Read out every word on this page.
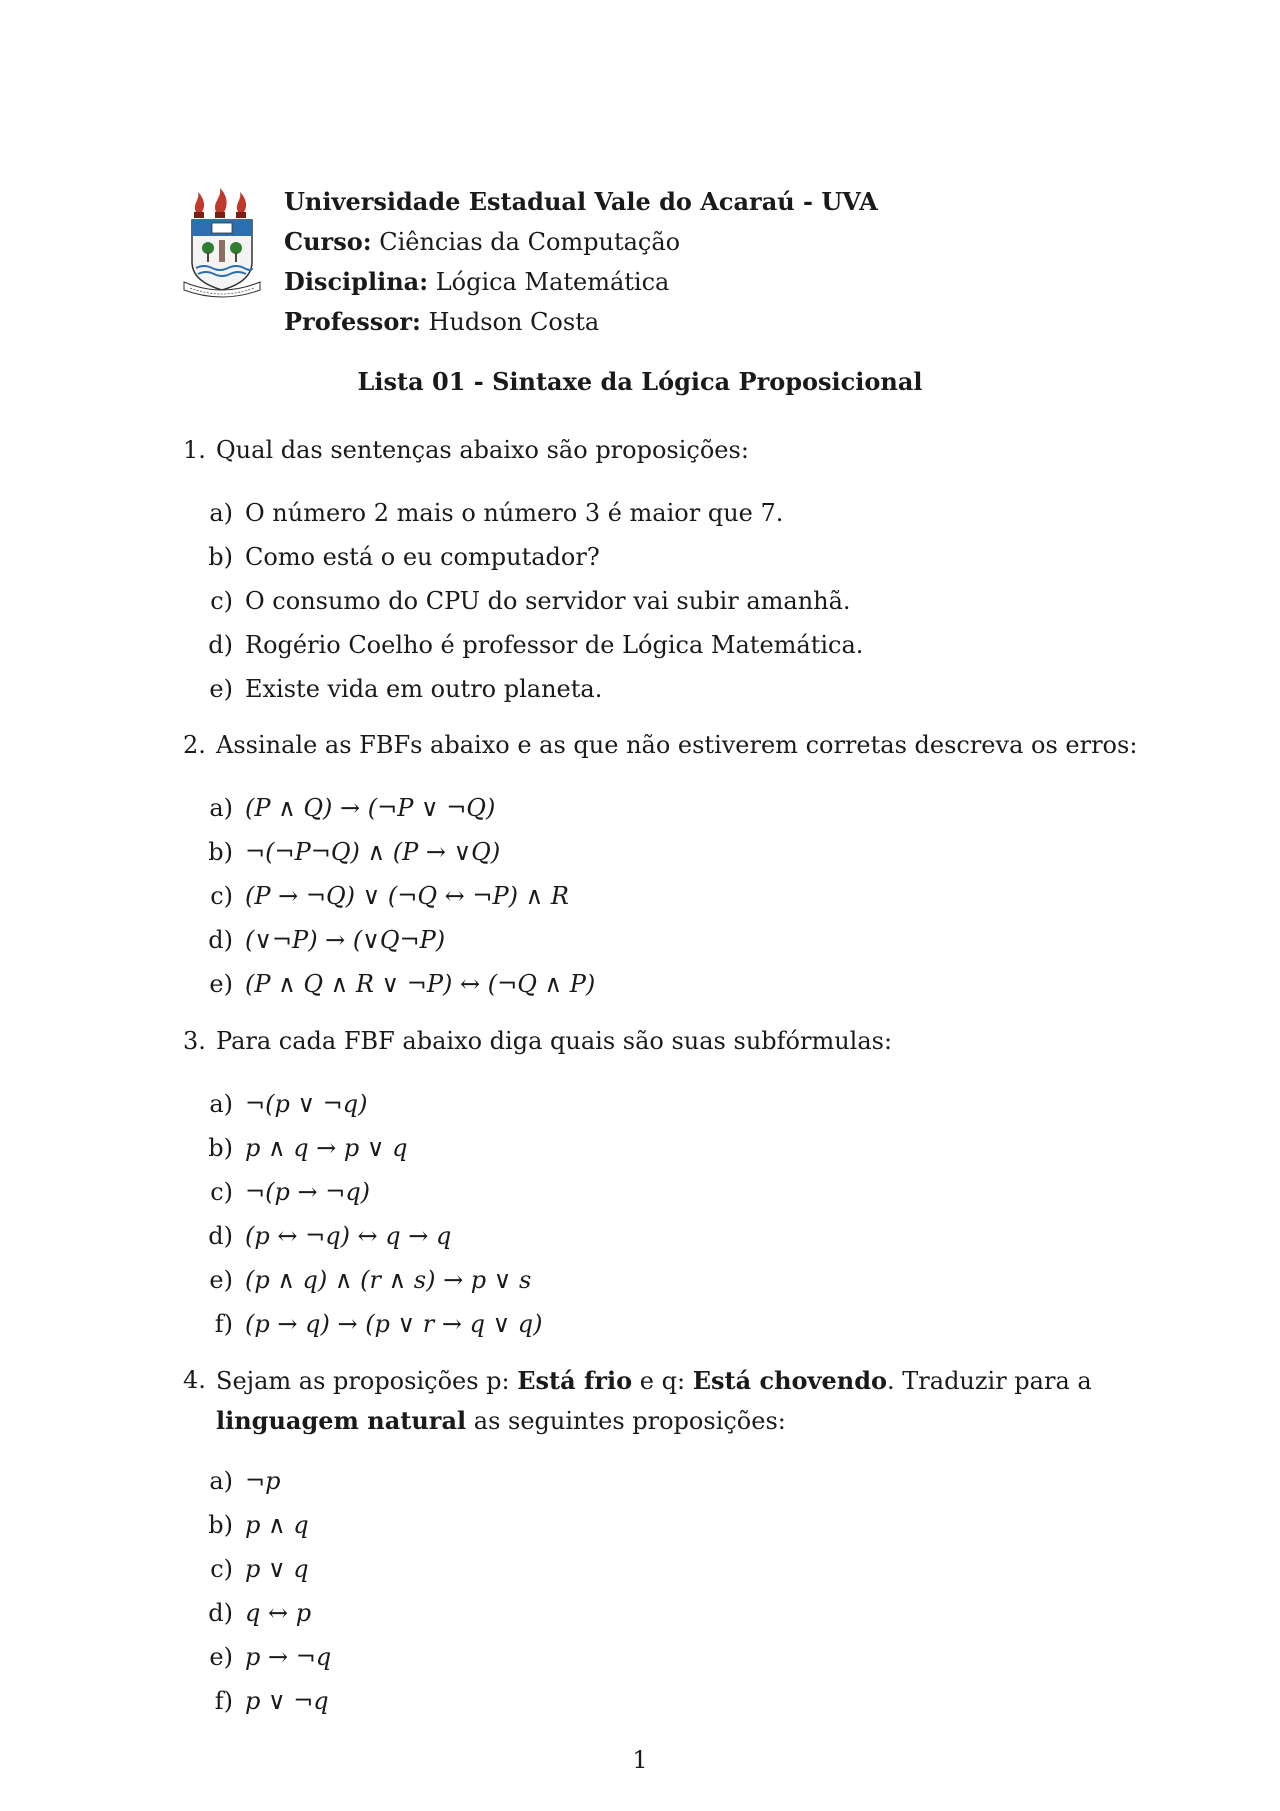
Universidade Estadual Vale do Acaraú - UVA
Curso: Ciências da Computação
Disciplina: Lógica Matemática
Professor: Hudson Costa
Lista 01 - Sintaxe da Lógica Proposicional
1. Qual das sentenças abaixo são proposições:
a) O número 2 mais o número 3 é maior que 7.
b) Como está o eu computador?
c) O consumo do CPU do servidor vai subir amanhã.
d) Rogério Coelho é professor de Lógica Matemática.
e) Existe vida em outro planeta.
2. Assinale as FBFs abaixo e as que não estiverem corretas descreva os erros:
a) (P ∧ Q) → (¬P ∨ ¬Q)
b) ¬(¬P¬Q) ∧ (P → ∨Q)
c) (P → ¬Q) ∨ (¬Q ↔ ¬P) ∧ R
d) (∨¬P) → (∨Q¬P)
e) (P ∧ Q ∧ R ∨ ¬P) ↔ (¬Q ∧ P)
3. Para cada FBF abaixo diga quais são suas subfórmulas:
a) ¬(p ∨ ¬q)
b) p ∧ q → p ∨ q
c) ¬(p → ¬q)
d) (p ↔ ¬q) ↔ q → q
e) (p ∧ q) ∧ (r ∧ s) → p ∨ s
f) (p → q) → (p ∨ r → q ∨ q)
4. Sejam as proposições p: Está frio e q: Está chovendo. Traduzir para a linguagem natural as seguintes proposições:
a) ¬p
b) p ∧ q
c) p ∨ q
d) q ↔ p
e) p → ¬q
f) p ∨ ¬q
1
